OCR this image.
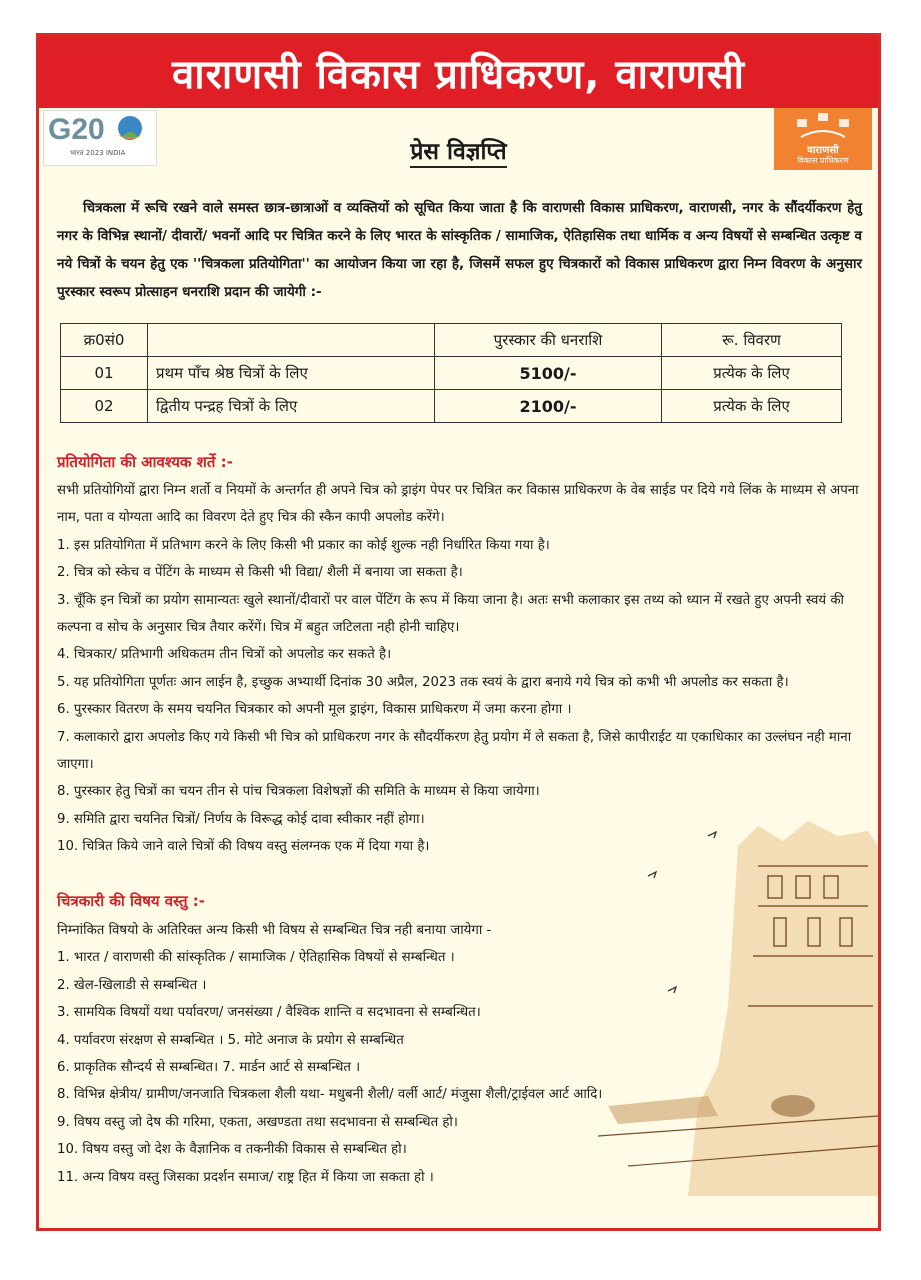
वाराणसी विकास प्राधिकरण, वाराणसी
G20
भारत 2023 INDIA	वाराणसी
विकास प्राधिकरण
प्रेस विज्ञप्ति

चित्रकला में रूचि रखने वाले समस्त छात्र-छात्राओं व व्यक्तियों को सूचित किया जाता है कि वाराणसी विकास प्राधिकरण, वाराणसी, नगर के सौंदर्यीकरण हेतु नगर के विभिन्न स्थानों/ दीवारों/ भवनों आदि पर चित्रित करने के लिए भारत के सांस्कृतिक / सामाजिक, ऐतिहासिक तथा धार्मिक व अन्य विषयों से सम्बन्धित उत्कृष्ट व नये चित्रों के चयन हेतु एक ''चित्रकला प्रतियोगिता'' का आयोजन किया जा रहा है, जिसमें सफल हुए चित्रकारों को विकास प्राधिकरण द्वारा निम्न विवरण के अनुसार पुरस्कार स्वरूप प्रोत्साहन धनराशि प्रदान की जायेगी :-

क्र0सं0		पुरस्कार की धनराशि	रू. विवरण
01	प्रथम पाँच श्रेष्ठ चित्रों के लिए	5100/-	प्रत्येक के लिए
02	द्वितीय पन्द्रह चित्रों के लिए	2100/-	प्रत्येक के लिए
प्रतियोगिता की आवश्यक शर्ते :-

सभी प्रतियोगियों द्वारा निम्न शर्तो व नियमों के अन्तर्गत ही अपने चित्र को ड्राइंग पेपर पर चित्रित कर विकास प्राधिकरण के वेब साईड पर दिये गये लिंक के माध्यम से अपना नाम, पता व योग्यता आदि का विवरण देते हुए चित्र की स्कैन कापी अपलोड करेंगे।

1. इस प्रतियोगिता में प्रतिभाग करने के लिए किसी भी प्रकार का कोई शुल्क नही निर्धारित किया गया है।

2. चित्र को स्केच व पेंटिंग के माध्यम से किसी भी विद्या/ शैली में बनाया जा सकता है।

3. चूँकि इन चित्रों का प्रयोग सामान्यतः खुले स्थानों/दीवारों पर वाल पेंटिंग के रूप में किया जाना है। अतः सभी कलाकार इस तथ्य को ध्यान में रखते हुए अपनी स्वयं की कल्पना व सोच के अनुसार चित्र तैयार करेंगें। चित्र में बहुत जटिलता नही होनी चाहिए।

4. चित्रकार/ प्रतिभागी अधिकतम तीन चित्रों को अपलोड कर सकते है।

5. यह प्रतियोगिता पूर्णतः आन लाईन है, इच्छुक अभ्यार्थी दिनांक 30 अप्रैल, 2023 तक स्वयं के द्वारा बनाये गये चित्र को कभी भी अपलोड कर सकता है।

6. पुरस्कार वितरण के समय चयनित चित्रकार को अपनी मूल ड्राइंग, विकास प्राधिकरण में जमा करना होगा ।

7. कलाकारो द्वारा अपलोड किए गये किसी भी चित्र को प्राधिकरण नगर के सौदर्यीकरण हेतु प्रयोग में ले सकता है, जिसे कापीराईट या एकाधिकार का उल्लंघन नही माना जाएगा।

8. पुरस्कार हेतु चित्रों का चयन तीन से पांच चित्रकला विशेषज्ञों की समिति के माध्यम से किया जायेगा।

9. समिति द्वारा चयनित चित्रों/ निर्णय के विरूद्ध कोई दावा स्वीकार नहीं होगा।

10. चित्रित किये जाने वाले चित्रों की विषय वस्तु संलग्नक एक में दिया गया है।

चित्रकारी की विषय वस्तु :-

निम्नांकित विषयो के अतिरिक्त अन्य किसी भी विषय से सम्बन्धित चित्र नही बनाया जायेगा -

1. भारत / वाराणसी की सांस्कृतिक / सामाजिक / ऐतिहासिक विषयों से सम्बन्धित ।

2. खेल-खिलाडी से सम्बन्धित ।

3. सामयिक विषयों यथा पर्यावरण/ जनसंख्या / वैश्विक शान्ति व सदभावना से सम्बन्धित।

4. पर्यावरण संरक्षण से सम्बन्धित । 5. मोटे अनाज के प्रयोग से सम्बन्धित

6. प्राकृतिक सौन्दर्य से सम्बन्धित। 7. मार्डन आर्ट से सम्बन्धित ।

8. विभिन्न क्षेत्रीय/ ग्रामीण/जनजाति चित्रकला शैली यथा- मधुबनी शैली/ वर्ली आर्ट/ मंजुसा शैली/ट्राईवल आर्ट आदि।

9. विषय वस्तु जो देष की गरिमा, एकता, अखण्डता तथा सदभावना से सम्बन्धित हो।

10. विषय वस्तु जो देश के वैज्ञानिक व तकनीकी विकास से सम्बन्धित हो।

11. अन्य विषय वस्तु जिसका प्रदर्शन समाज/ राष्ट्र हित में किया जा सकता हो ।
